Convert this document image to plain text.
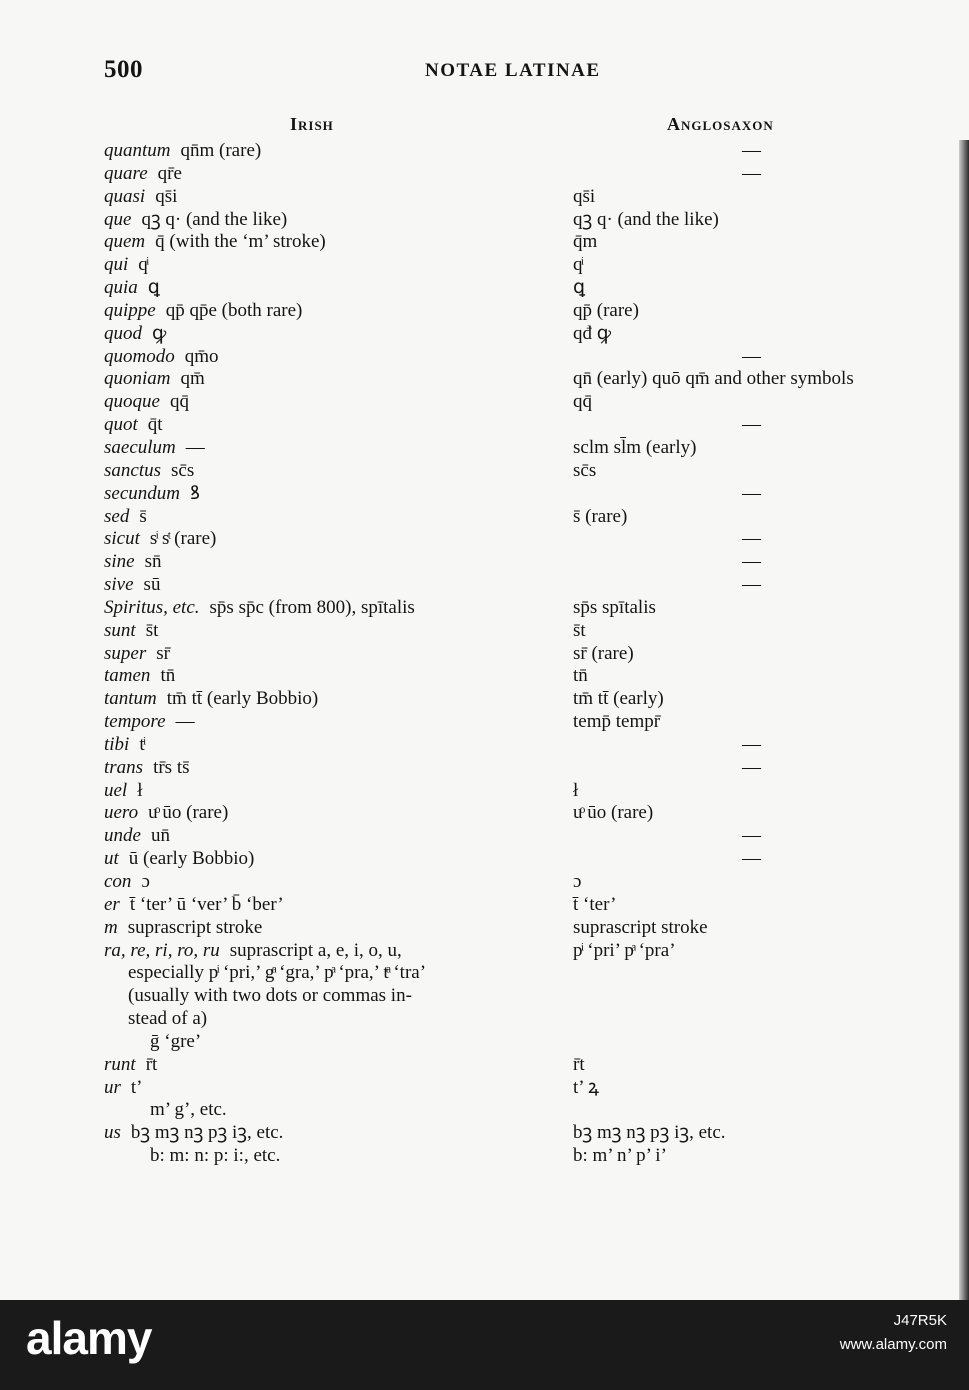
500	NOTAE LATINAE
Irish	Anglosaxon
quantum qn̄m (rare)	—
quare qr̄e	—
quasi qs̄i	qs̄i
que qꝫ q· (and the like)	qꝫ q· (and the like)
quem q̄ (with the ‘m’ stroke)	q̄m
qui qͥ	qͥ
quia ꝗ	ꝗ
quippe qp̄ qp̄e (both rare)	qp̄ (rare)
quod ꝙ	qđ ꝙ
quomodo qm̄o	—
quoniam qm̄	qn̄ (early) quō qm̄ and other symbols
quoque qq̄	qq̄
quot q̄t	—
saeculum —	sclm sl̄m (early)
sanctus sc̄s	sc̄s
secundum ꝸ	—
sed s̄	s̄ (rare)
sicut sͥ sͭ (rare)	—
sine sn̄	—
sive sū	—
Spiritus, etc. sp̄s sp̄c (from 800), spītalis	sp̄s spītalis
sunt s̄t	s̄t
super sr̄	sr̄ (rare)
tamen tn̄	tn̄
tantum tm̄ tt̄ (early Bobbio)	tm̄ tt̄ (early)
tempore —	temp̄ tempr̄
tibi tͥ	—
trans tr̄s ts̄	—
uel ł	ł
uero uͦ ūo (rare)	uͦ ūo (rare)
unde un̄	—
ut ū (early Bobbio)	—
con ɔ	ɔ
er t̄ ‘ter’ ū ‘ver’ b̄ ‘ber’	t̄ ‘ter’
m suprascript stroke	suprascript stroke
ra, re, ri, ro, ru suprascript a, e, i, o, u,	pͥ ‘pri’ pͣ ‘pra’
especially pͥ ‘pri,’ gͣ ‘gra,’ pͣ ‘pra,’ tͣ ‘tra’
(usually with two dots or commas in-
stead of a)
ḡ ‘gre’
runt r̄t	r̄t
ur t’	t’ ꝝ
m’ g’, etc.
us bꝫ mꝫ nꝫ pꝫ iꝫ, etc.	bꝫ mꝫ nꝫ pꝫ iꝫ, etc.
b: m: n: p: i:, etc.	b: m’ n’ p’ i’
alamy	J47R5K
www.alamy.com
